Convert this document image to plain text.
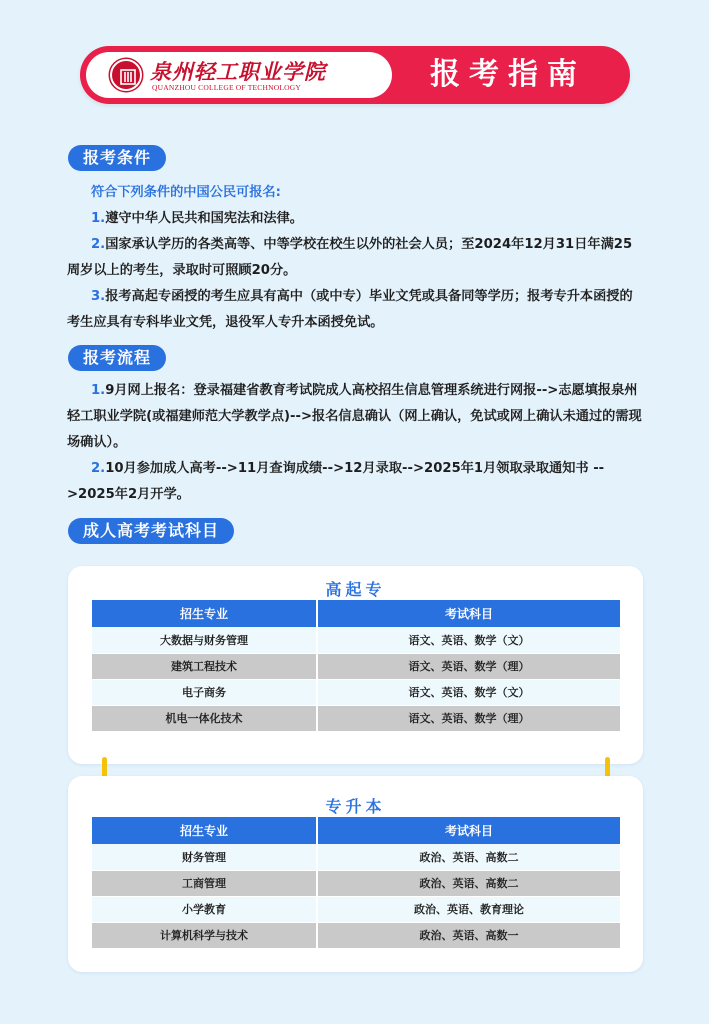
泉州轻工职业学院
QUANZHOU COLLEGE OF TECHNOLOGY	报考指南
报考条件
符合下列条件的中国公民可报名:
1.遵守中华人民共和国宪法和法律。
2.国家承认学历的各类高等、中等学校在校生以外的社会人员；至2024年12月31日年满25周岁以上的考生，录取时可照顾20分。
3.报考高起专函授的考生应具有高中（或中专）毕业文凭或具备同等学历；报考专升本函授的考生应具有专科毕业文凭，退役军人专升本函授免试。
报考流程
1.9月网上报名：登录福建省教育考试院成人高校招生信息管理系统进行网报-->志愿填报泉州轻工职业学院(或福建师范大学教学点)-->报名信息确认（网上确认，免试或网上确认未通过的需现场确认）。
2.10月参加成人高考-->11月查询成绩-->12月录取-->2025年1月领取录取通知书 -->2025年2月开学。
成人高考考试科目
高起专
招生专业	考试科目
大数据与财务管理	语文、英语、数学（文）
建筑工程技术	语文、英语、数学（理）
电子商务	语文、英语、数学（文）
机电一体化技术	语文、英语、数学（理）
专升本
招生专业	考试科目
财务管理	政治、英语、高数二
工商管理	政治、英语、高数二
小学教育	政治、英语、教育理论
计算机科学与技术	政治、英语、高数一
